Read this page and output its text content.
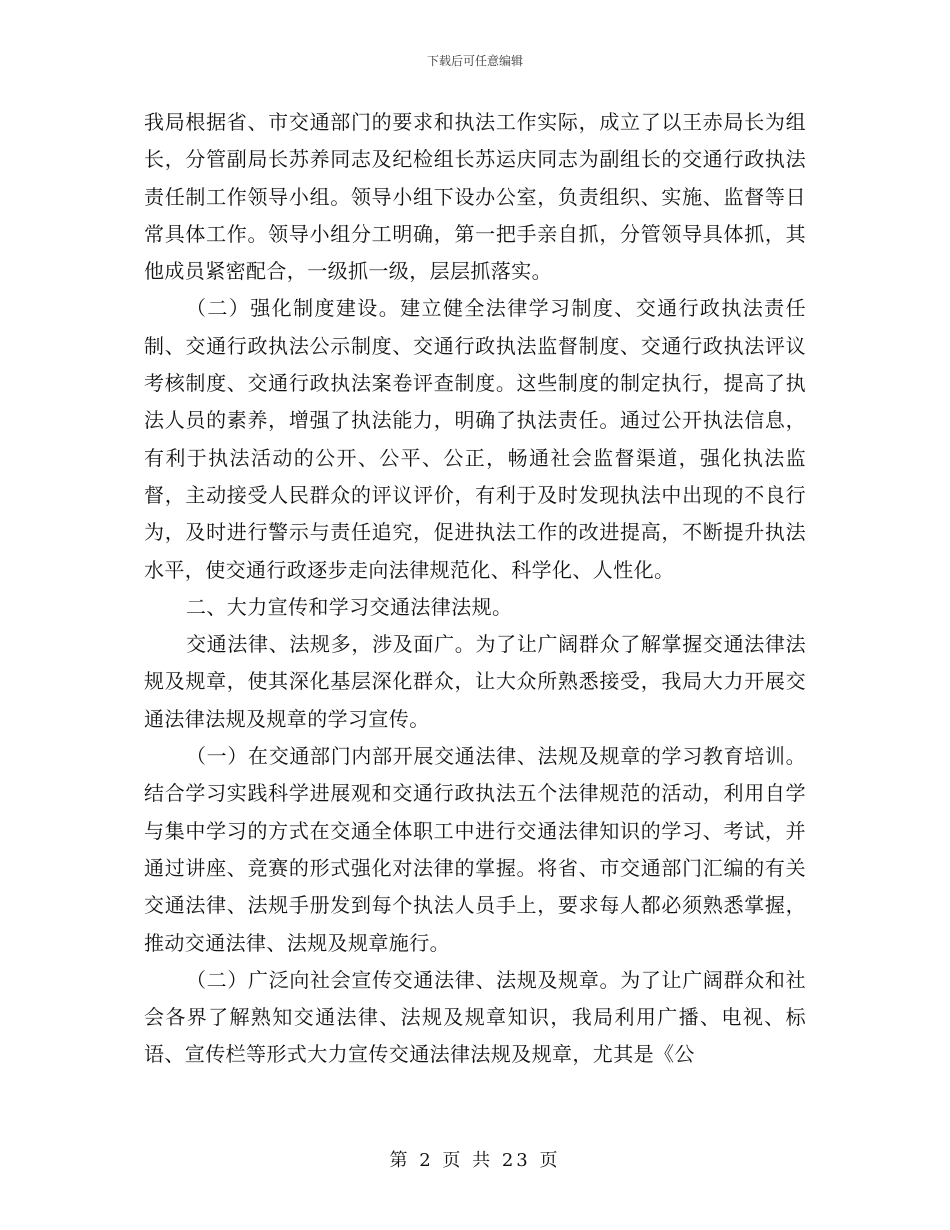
下载后可任意编辑

我局根据省、市交通部门的要求和执法工作实际，成立了以王赤局长为组长，分管副局长苏养同志及纪检组长苏运庆同志为副组长的交通行政执法责任制工作领导小组。领导小组下设办公室，负责组织、实施、监督等日常具体工作。领导小组分工明确，第一把手亲自抓，分管领导具体抓，其他成员紧密配合，一级抓一级，层层抓落实。

（二）强化制度建设。建立健全法律学习制度、交通行政执法责任制、交通行政执法公示制度、交通行政执法监督制度、交通行政执法评议考核制度、交通行政执法案卷评查制度。这些制度的制定执行，提高了执法人员的素养，增强了执法能力，明确了执法责任。通过公开执法信息，有利于执法活动的公开、公平、公正，畅通社会监督渠道，强化执法监督，主动接受人民群众的评议评价，有利于及时发现执法中出现的不良行为，及时进行警示与责任追究，促进执法工作的改进提高，不断提升执法水平，使交通行政逐步走向法律规范化、科学化、人性化。

二、大力宣传和学习交通法律法规。

交通法律、法规多，涉及面广。为了让广阔群众了解掌握交通法律法规及规章，使其深化基层深化群众，让大众所熟悉接受，我局大力开展交通法律法规及规章的学习宣传。

（一）在交通部门内部开展交通法律、法规及规章的学习教育培训。结合学习实践科学进展观和交通行政执法五个法律规范的活动，利用自学与集中学习的方式在交通全体职工中进行交通法律知识的学习、考试，并通过讲座、竞赛的形式强化对法律的掌握。将省、市交通部门汇编的有关交通法律、法规手册发到每个执法人员手上，要求每人都必须熟悉掌握，推动交通法律、法规及规章施行。

（二）广泛向社会宣传交通法律、法规及规章。为了让广阔群众和社会各界了解熟知交通法律、法规及规章知识，我局利用广播、电视、标语、宣传栏等形式大力宣传交通法律法规及规章，尤其是《公

第 2 页 共 23 页
